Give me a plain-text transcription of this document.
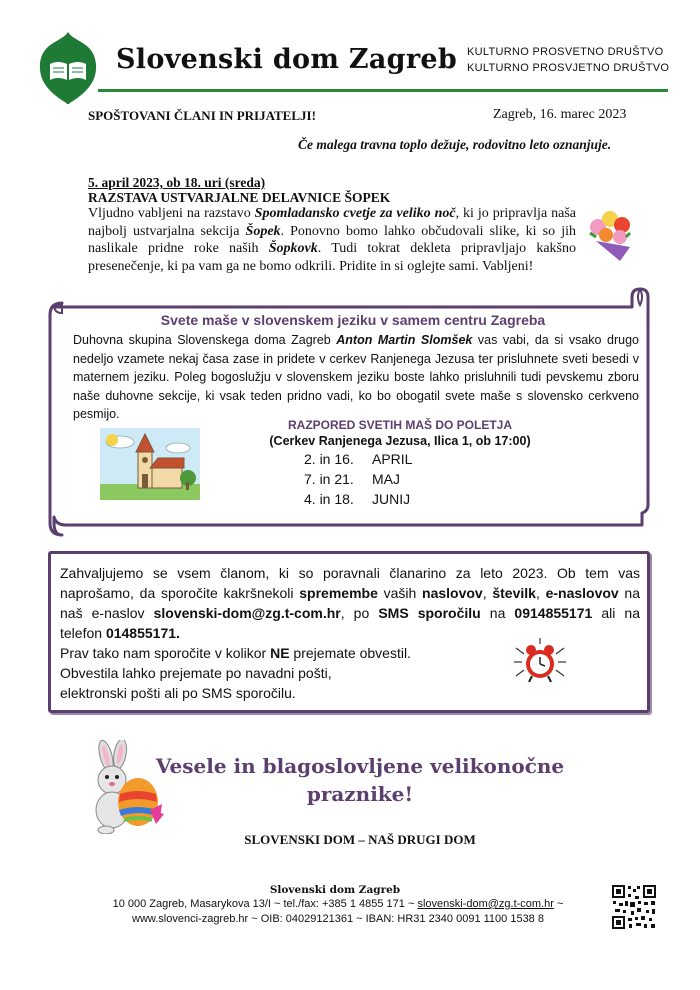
Slovenski dom Zagreb KULTURNO PROSVETNO DRUŠTVO
KULTURNO PROSVJETNO DRUŠTVO
SPOŠTOVANI ČLANI IN PRIJATELJI!	Zagreb, 16. marec 2023
Če malega travna toplo dežuje, rodovitno leto oznanjuje.
5. april 2023, ob 18. uri (sreda)
RAZSTAVA USTVARJALNE DELAVNICE ŠOPEK
Vljudno vabljeni na razstavo Spomladansko cvetje za veliko noč, ki jo pripravlja naša najbolj ustvarjalna sekcija Šopek. Ponovno bomo lahko občudovali slike, ki so jih naslikale pridne roke naših Šopkovk. Tudi tokrat dekleta pripravljajo kakšno presenečenje, ki pa vam ga ne bomo odkrili. Pridite in si oglejte sami. Vabljeni!
Svete maše v slovenskem jeziku v samem centru Zagreba
Duhovna skupina Slovenskega doma Zagreb Anton Martin Slomšek vas vabi, da si vsako drugo nedeljo vzamete nekaj časa zase in pridete v cerkev Ranjenega Jezusa ter prisluhnete sveti besedi v maternem jeziku. Poleg bogoslužju v slovenskem jeziku boste lahko prisluhnili tudi pevskemu zboru naše duhovne sekcije, ki vsak teden pridno vadi, ko bo obogatil svete maše s slovensko cerkveno pesmijo.
RAZPORED SVETIH MAŠ DO POLETJA
(Cerkev Ranjenega Jezusa, Ilica 1, ob 17:00)
2. in 16. APRIL
7. in 21. MAJ
4. in 18. JUNIJ
Zahvaljujemo se vsem članom, ki so poravnali članarino za leto 2023. Ob tem vas
naprošamo, da sporočite kakršnekoli spremembe vaših naslovov, številk, e-naslovov na
naš e-naslov slovenski-dom@zg.t-com.hr, po SMS sporočilu na 0914855171 ali na
telefon 014855171.
Prav tako nam sporočite v kolikor NE prejemate obvestil.
Obvestila lahko prejemate po navadni pošti,
elektronski pošti ali po SMS sporočilu.
Vesele in blagoslovljene velikonočne
praznike!
SLOVENSKI DOM – NAŠ DRUGI DOM
Slovenski dom Zagreb
10 000 Zagreb, Masarykova 13/I ~ tel./fax: +385 1 4855 171 ~ slovenski-dom@zg.t-com.hr ~
www.slovenci-zagreb.hr ~ OIB: 04029121361 ~ IBAN: HR31 2340 0091 1100 1538 8
